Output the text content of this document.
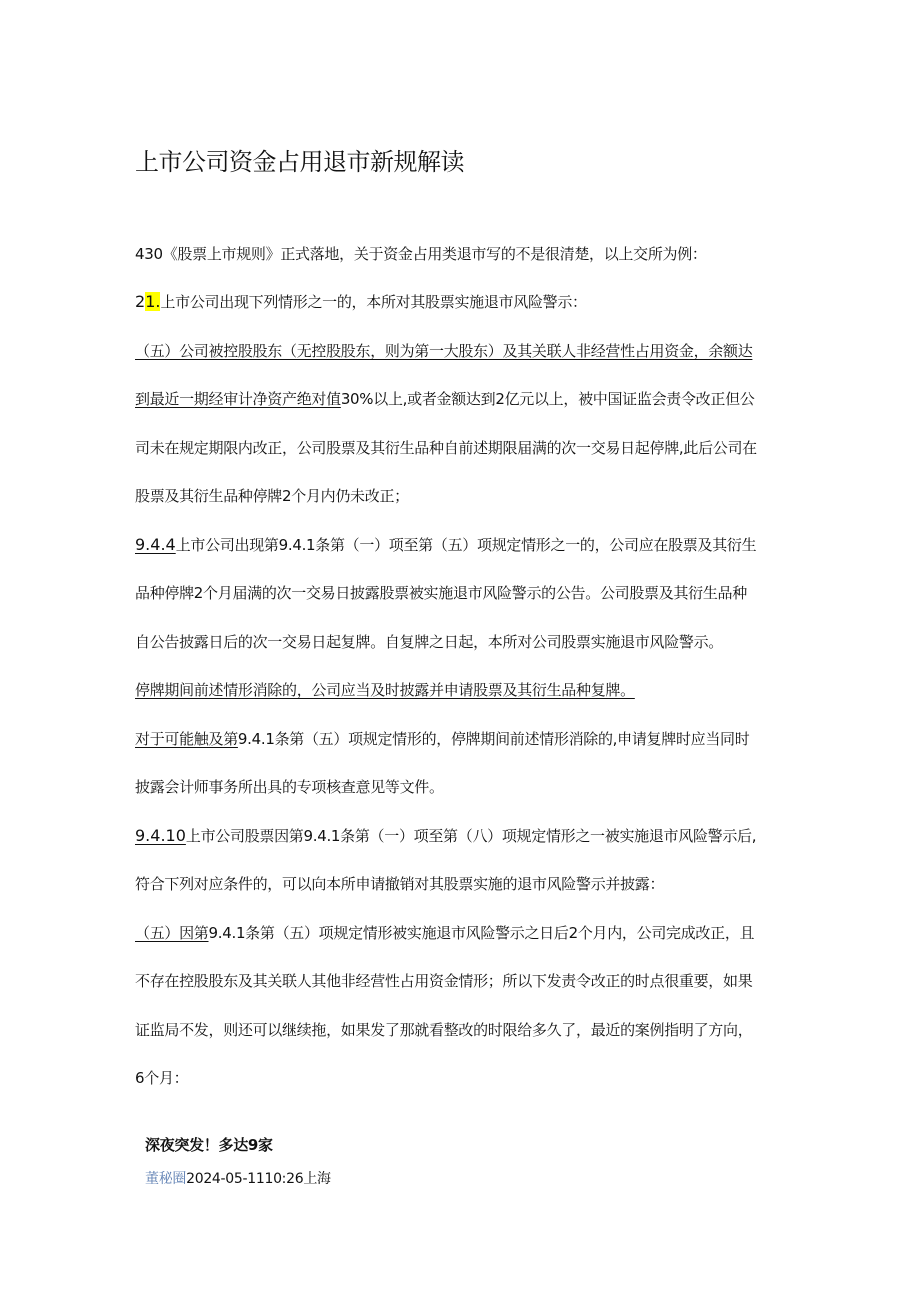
上市公司资金占用退市新规解读
430《股票上市规则》正式落地，关于资金占用类退市写的不是很清楚，以上交所为例：
21.上市公司出现下列情形之一的，本所对其股票实施退市风险警示：
（五）公司被控股股东（无控股股东，则为第一大股东）及其关联人非经营性占用资金，余额达
到最近一期经审计净资产绝对值30%以上,或者金额达到2亿元以上，被中国证监会责令改正但公
司未在规定期限内改正，公司股票及其衍生品种自前述期限届满的次一交易日起停牌,此后公司在
股票及其衍生品种停牌2个月内仍未改正；
9.4.4上市公司出现第9.4.1条第（一）项至第（五）项规定情形之一的，公司应在股票及其衍生
品种停牌2个月届满的次一交易日披露股票被实施退市风险警示的公告。公司股票及其衍生品种
自公告披露日后的次一交易日起复牌。自复牌之日起，本所对公司股票实施退市风险警示。
停牌期间前述情形消除的，公司应当及时披露并申请股票及其衍生品种复牌。
对于可能触及第9.4.1条第（五）项规定情形的，停牌期间前述情形消除的,申请复牌时应当同时
披露会计师事务所出具的专项核查意见等文件。
9.4.10上市公司股票因第9.4.1条第（一）项至第（八）项规定情形之一被实施退市风险警示后,
符合下列对应条件的，可以向本所申请撤销对其股票实施的退市风险警示并披露：
（五）因第9.4.1条第（五）项规定情形被实施退市风险警示之日后2个月内，公司完成改正，且
不存在控股股东及其关联人其他非经营性占用资金情形；所以下发责令改正的时点很重要，如果
证监局不发，则还可以继续拖，如果发了那就看整改的时限给多久了，最近的案例指明了方向，
6个月：
深夜突发！多达9家
董秘圈2024-05-1110:26上海
